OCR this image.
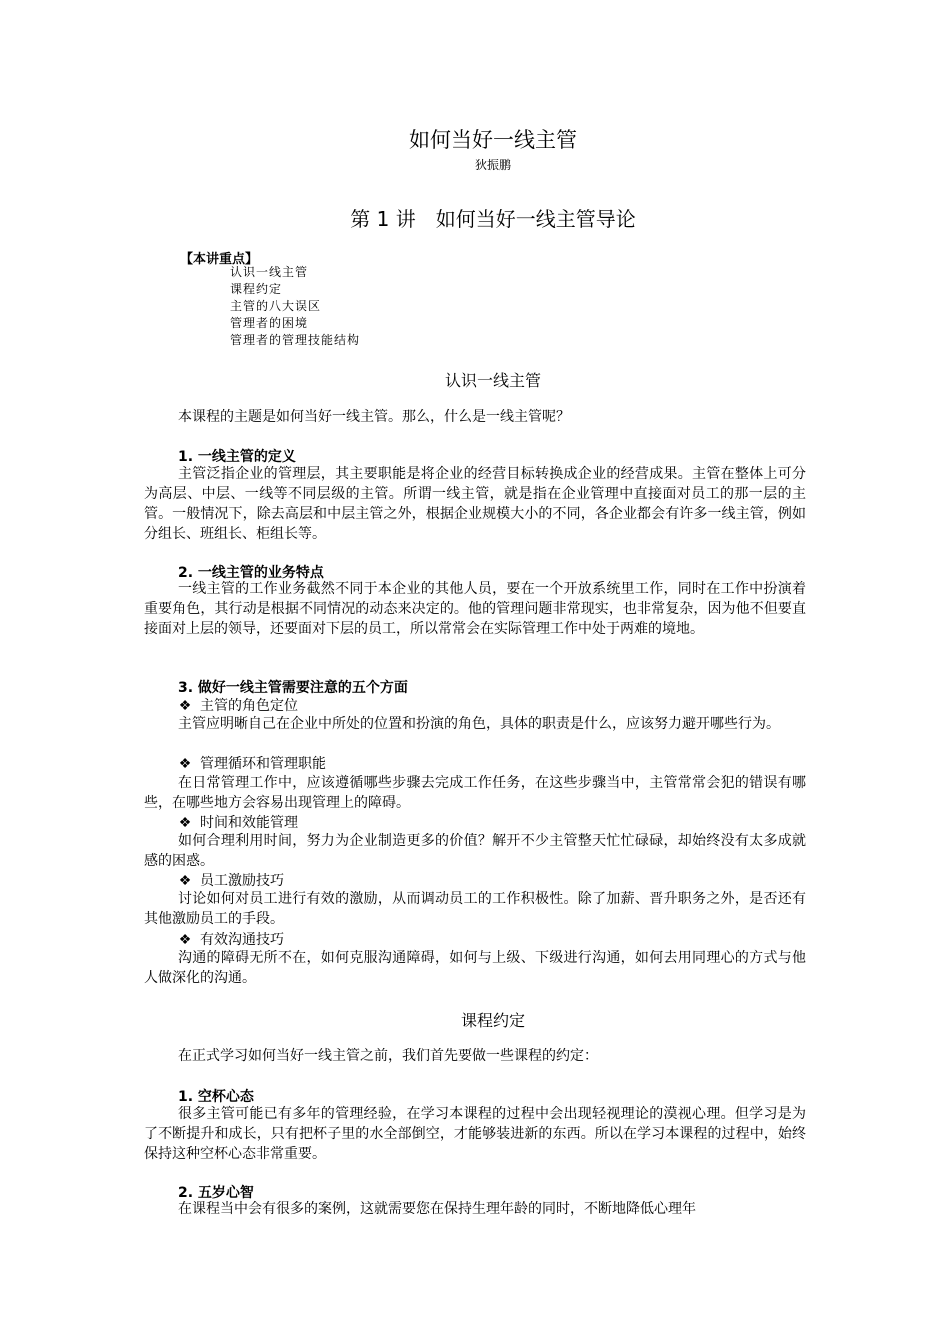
如何当好一线主管
狄振鹏
第 1 讲　如何当好一线主管导论
【本讲重点】
认识一线主管
课程约定
主管的八大误区
管理者的困境
管理者的管理技能结构
认识一线主管

本课程的主题是如何当好一线主管。那么，什么是一线主管呢？

1. 一线主管的定义

主管泛指企业的管理层，其主要职能是将企业的经营目标转换成企业的经营成果。主管在整体上可分为高层、中层、一线等不同层级的主管。所谓一线主管，就是指在企业管理中直接面对员工的那一层的主管。一般情况下，除去高层和中层主管之外，根据企业规模大小的不同，各企业都会有许多一线主管，例如分组长、班组长、柜组长等。

2. 一线主管的业务特点

一线主管的工作业务截然不同于本企业的其他人员，要在一个开放系统里工作，同时在工作中扮演着重要角色，其行动是根据不同情况的动态来决定的。他的管理问题非常现实，也非常复杂，因为他不但要直接面对上层的领导，还要面对下层的员工，所以常常会在实际管理工作中处于两难的境地。

3. 做好一线主管需要注意的五个方面
❖ 主管的角色定位

主管应明晰自己在企业中所处的位置和扮演的角色，具体的职责是什么，应该努力避开哪些行为。

❖ 管理循环和管理职能

在日常管理工作中，应该遵循哪些步骤去完成工作任务，在这些步骤当中，主管常常会犯的错误有哪些，在哪些地方会容易出现管理上的障碍。

❖ 时间和效能管理

如何合理利用时间，努力为企业制造更多的价值？解开不少主管整天忙忙碌碌，却始终没有太多成就感的困惑。

❖ 员工激励技巧

讨论如何对员工进行有效的激励，从而调动员工的工作积极性。除了加薪、晋升职务之外，是否还有其他激励员工的手段。

❖ 有效沟通技巧

沟通的障碍无所不在，如何克服沟通障碍，如何与上级、下级进行沟通，如何去用同理心的方式与他人做深化的沟通。

课程约定

在正式学习如何当好一线主管之前，我们首先要做一些课程的约定：

1. 空杯心态

很多主管可能已有多年的管理经验，在学习本课程的过程中会出现轻视理论的漠视心理。但学习是为了不断提升和成长，只有把杯子里的水全部倒空，才能够装进新的东西。所以在学习本课程的过程中，始终保持这种空杯心态非常重要。

2. 五岁心智

在课程当中会有很多的案例，这就需要您在保持生理年龄的同时，不断地降低心理年
